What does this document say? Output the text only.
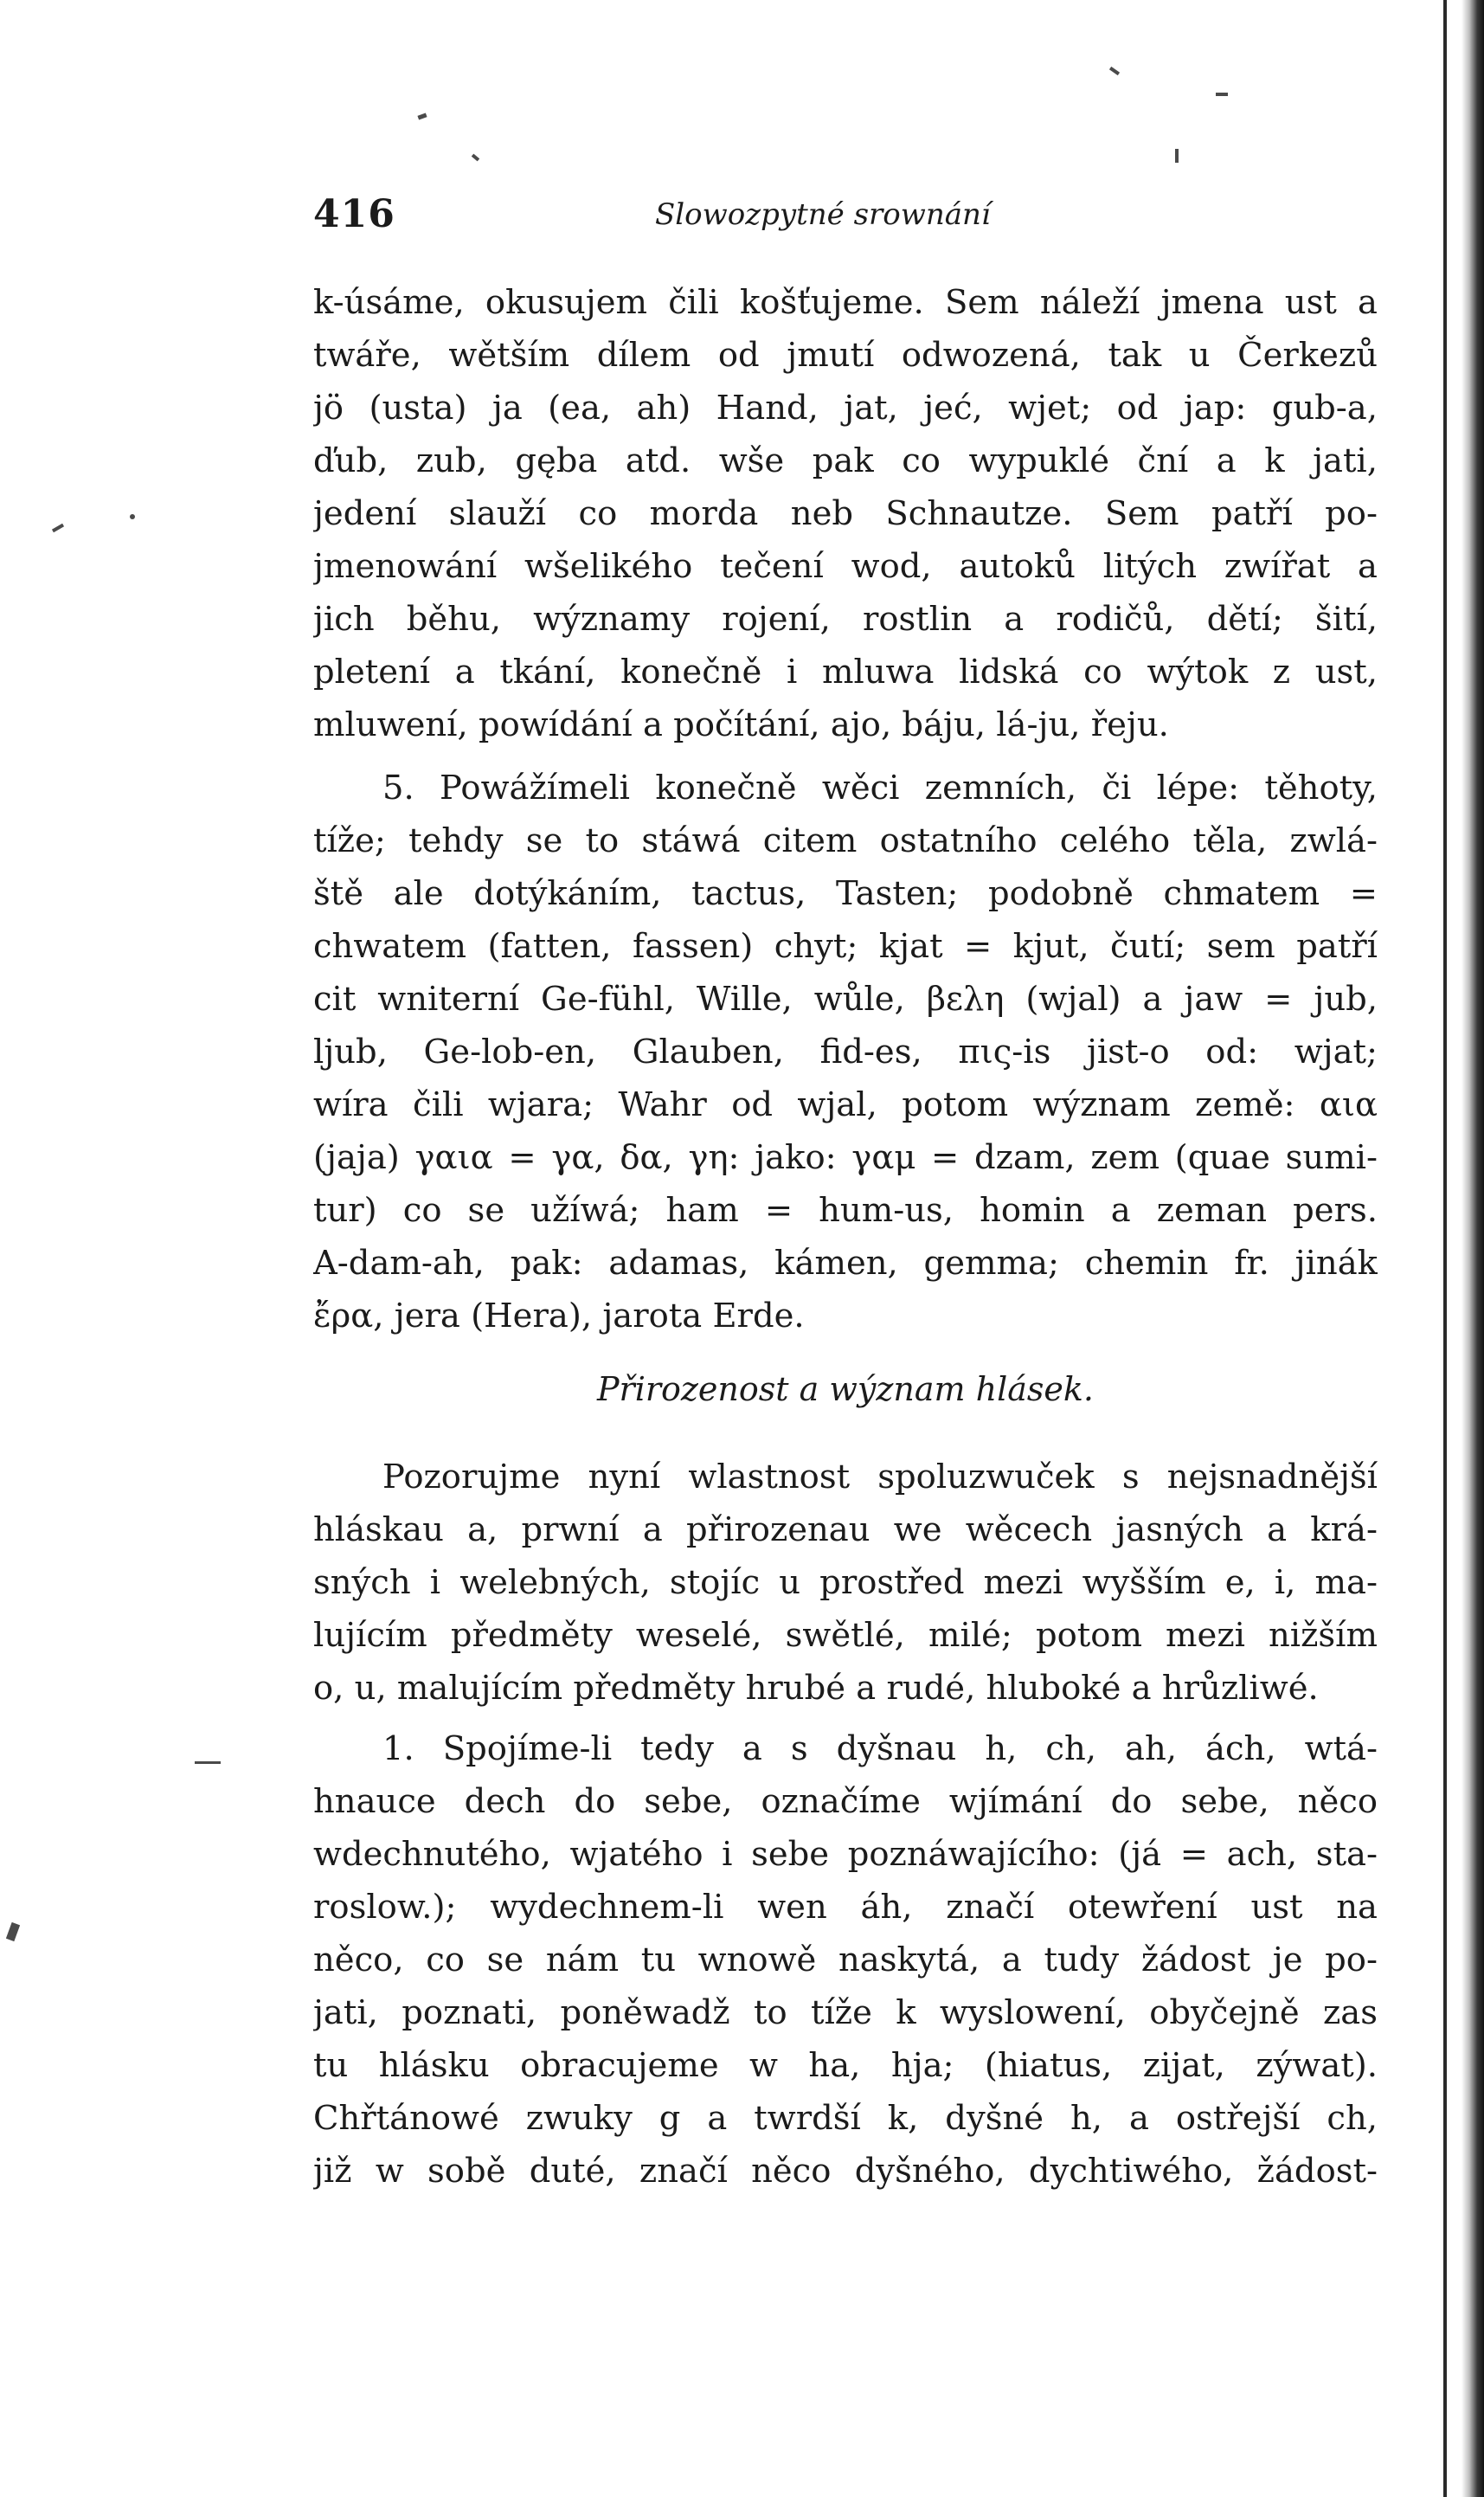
416	Slowozpytné srownání
k-úsáme, okusujem čili košťujeme. Sem náleží jmena ust a
twáře, wětším dílem od jmutí odwozená, tak u Čerkezů
jö (usta) ja (ea, ah) Hand, jat, jeć, wjet; od jap: gub-a,
ďub, zub, gęba atd. wše pak co wypuklé ční a k jati,
jedení slauží co morda neb Schnautze. Sem patří po-
jmenowání wšelikého tečení wod, autoků litých zwířat a
jich běhu, wýznamy rojení, rostlin a rodičů, dětí; šití,
pletení a tkání, konečně i mluwa lidská co wýtok z ust,
mluwení, powídání a počítání, ajo, báju, lá-ju, řeju.
5. Powážímeli konečně wěci zemních, či lépe: těhoty,
tíže; tehdy se to stáwá citem ostatního celého těla, zwlá-
ště ale dotýkáním, tactus, Tasten; podobně chmatem =
chwatem (fatten, fassen) chyt; kjat = kjut, čutí; sem patří
cit wniterní Ge-fühl, Wille, wůle, βελη (wjal) a jaw = jub,
ljub, Ge-lob-en, Glauben, fid-es, πις-is jist-o od: wjat;
wíra čili wjara; Wahr od wjal, potom wýznam země: αια
(jaja) γαια = γα, δα, γη: jako: γαμ = dzam, zem (quae sumi-
tur) co se užíwá; ham = hum-us, homin a zeman pers.
A-dam-ah, pak: adamas, kámen, gemma; chemin fr. jinák
ἔρα, jera (Hera), jarota Erde.
Pozorujme nyní wlastnost spoluzwuček s nejsnadnější
hláskau a, prwní a přirozenau we wěcech jasných a krá-
sných i welebných, stojíc u prostřed mezi wyšším e, i, ma-
lujícím předměty weselé, swětlé, milé; potom mezi nižším
o, u, malujícím předměty hrubé a rudé, hluboké a hrůzliwé.
1. Spojíme-li tedy a s dyšnau h, ch, ah, ách, wtá-
hnauce dech do sebe, označíme wjímání do sebe, něco
wdechnutého, wjatého i sebe poznáwajícího: (já = ach, sta-
roslow.); wydechnem-li wen áh, značí otewření ust na
něco, co se nám tu wnowě naskytá, a tudy žádost je po-
jati, poznati, poněwadž to tíže k wyslowení, obyčejně zas
tu hlásku obracujeme w ha, hja; (hiatus, zijat, zýwat).
Chřtánowé zwuky g a twrdší k, dyšné h, a ostřejší ch,
již w sobě duté, značí něco dyšného, dychtiwého, žádost-
Přirozenost a wýznam hlásek.
